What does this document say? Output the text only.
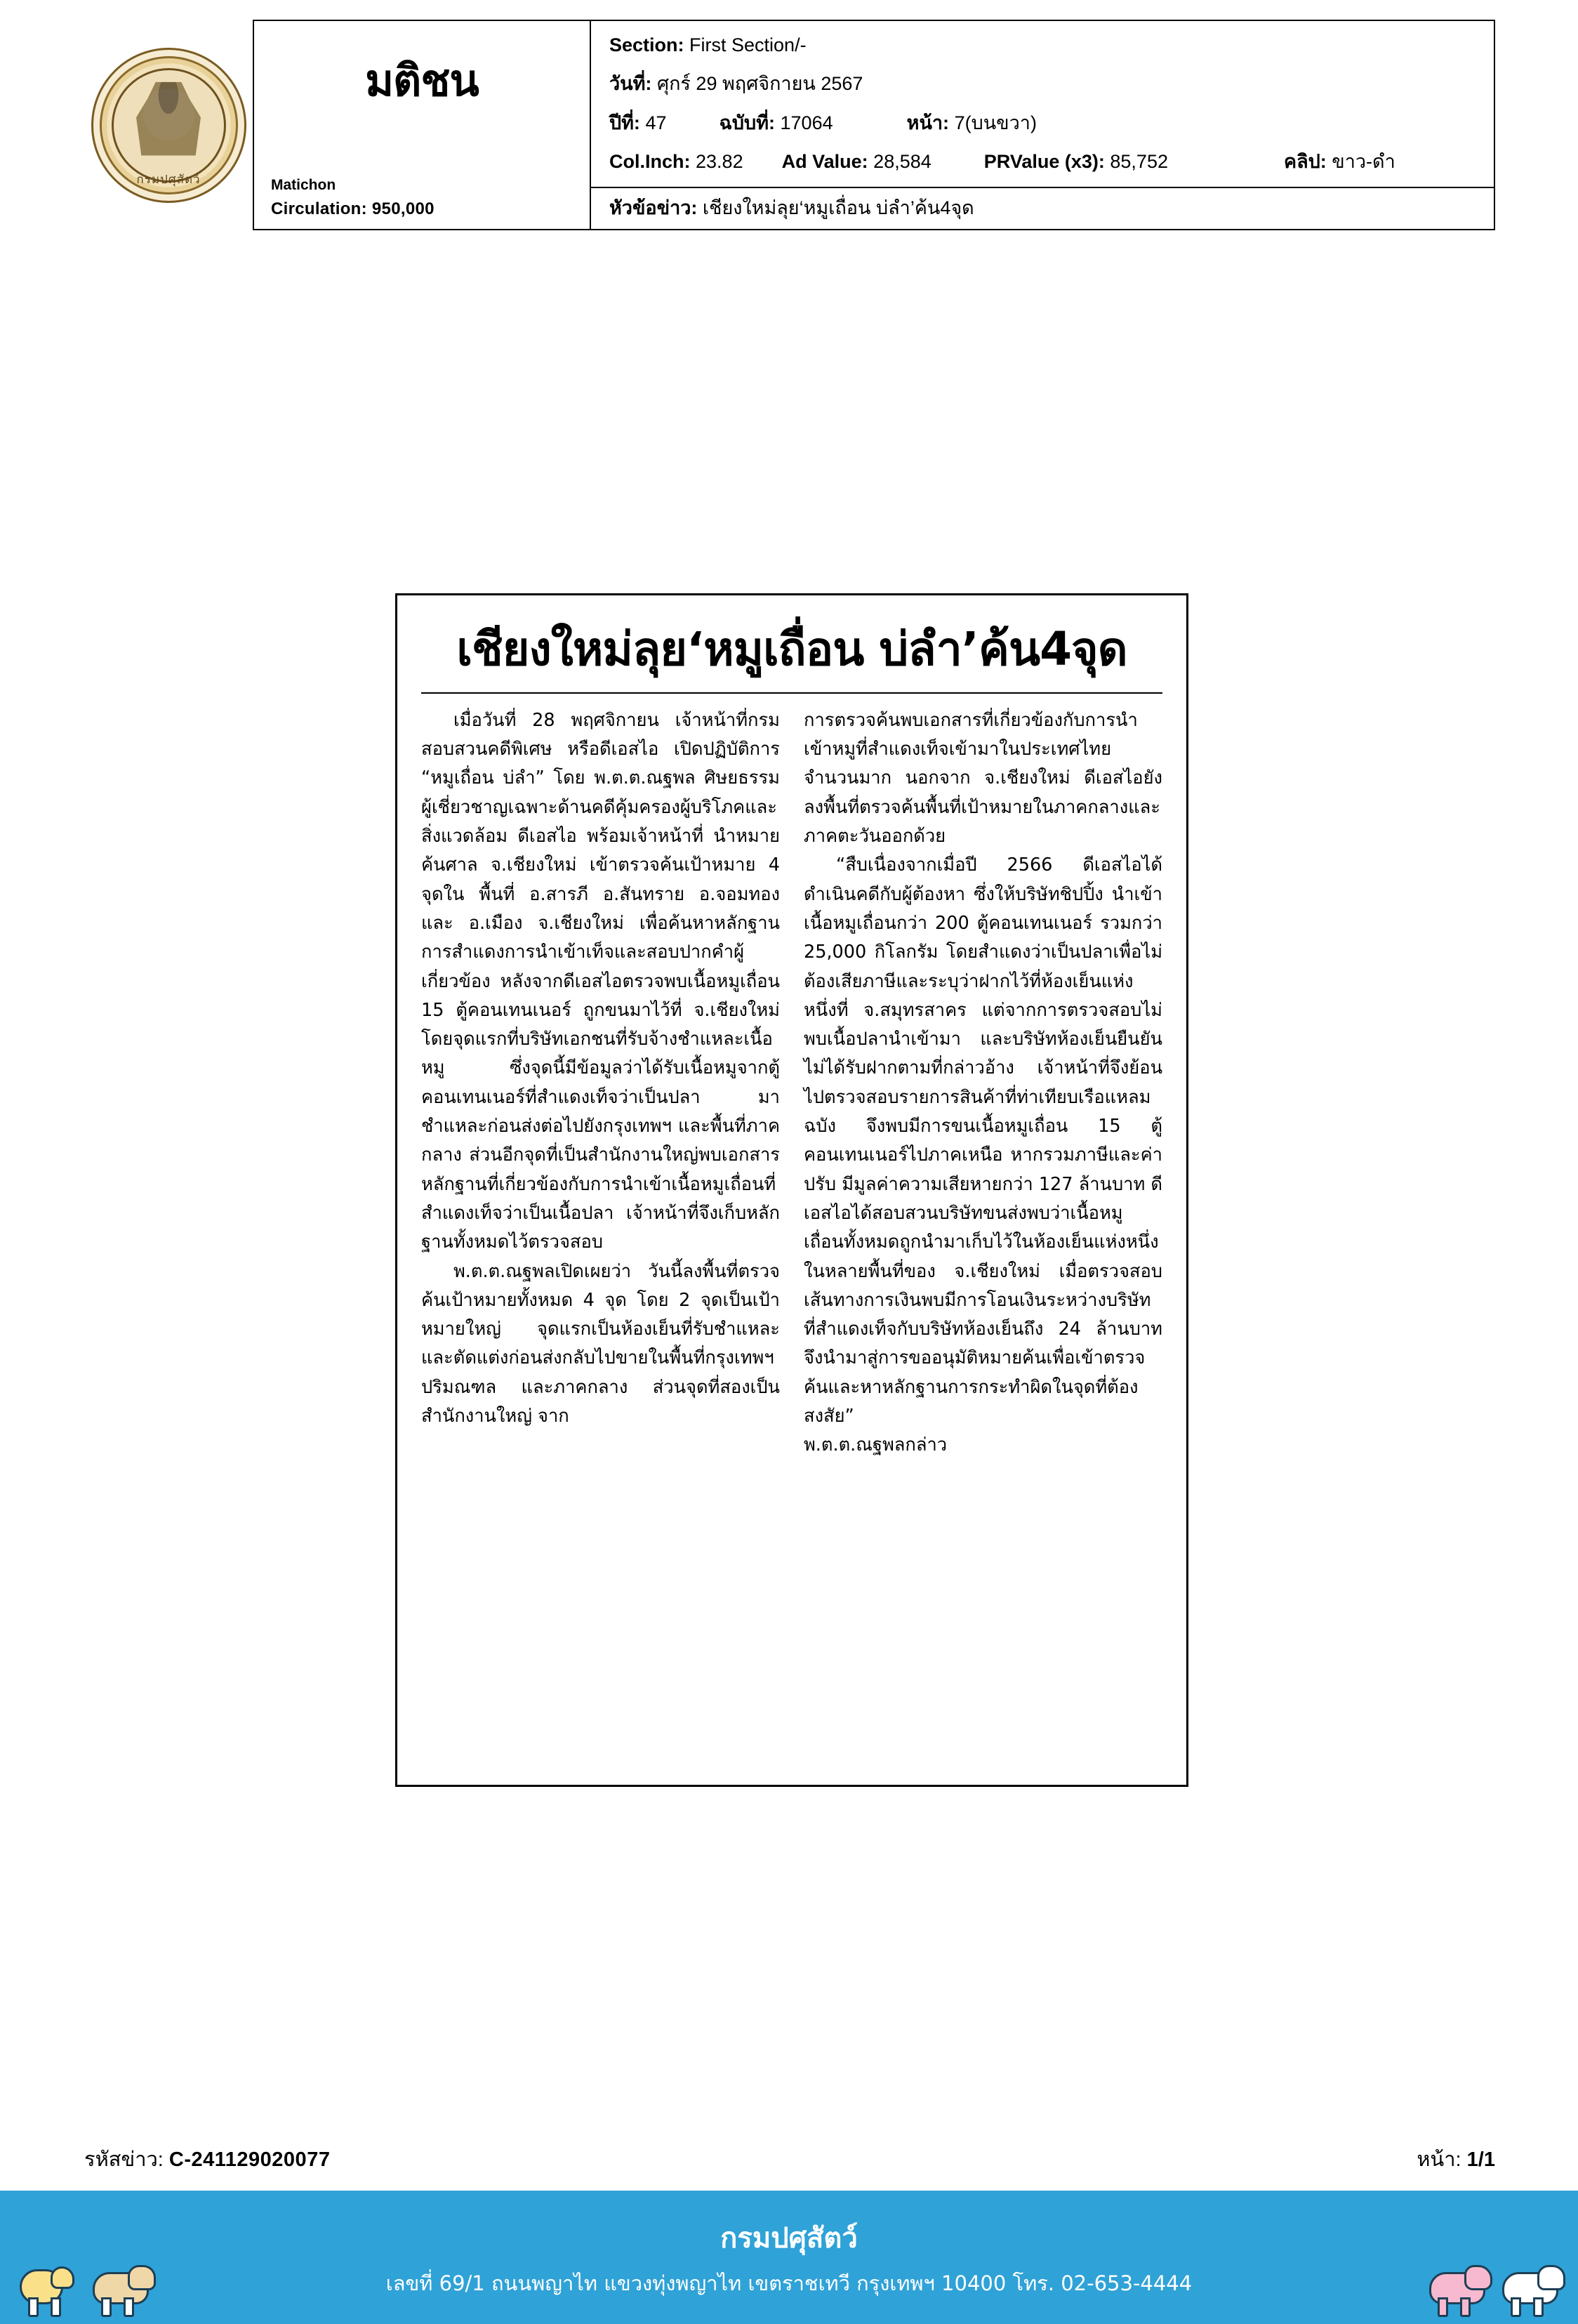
กรมปศุสัตว์
มติชน
Matichon
Circulation: 950,000
Section: First Section/-
วันที่: ศุกร์ 29 พฤศจิกายน 2567
ปีที่: 47	ฉบับที่: 17064	หน้า: 7(บนขวา)
Col.Inch: 23.82 Ad Value: 28,584	PRValue (x3): 85,752	คลิป: ขาว-ดำ
หัวข้อข่าว: เชียงใหม่ลุย‘หมูเถื่อน บ่ลำ’ค้น4จุด
เชียงใหม่ลุย‘หมูเถื่อน บ่ลำ’ค้น4จุด

เมื่อวันที่ 28 พฤศจิกายน เจ้าหน้าที่กรมสอบสวนคดีพิเศษ หรือดีเอสไอ เปิดปฏิบัติการ “หมูเถื่อน บ่ลำ” โดย พ.ต.ต.ณฐพล ศิษยธรรม ผู้เชี่ยวชาญเฉพาะด้านคดีคุ้มครองผู้บริโภคและสิ่งแวดล้อม ดีเอสไอ พร้อมเจ้าหน้าที่ นำหมายค้นศาล จ.เชียงใหม่ เข้าตรวจค้นเป้าหมาย 4 จุดใน พื้นที่ อ.สารภี อ.สันทราย อ.จอมทอง และ อ.เมือง จ.เชียงใหม่ เพื่อค้นหาหลักฐานการสำแดงการนำเข้าเท็จและสอบปากคำผู้เกี่ยวข้อง หลังจากดีเอสไอตรวจพบเนื้อหมูเถื่อน 15 ตู้คอนเทนเนอร์ ถูกขนมาไว้ที่ จ.เชียงใหม่ โดยจุดแรกที่บริษัทเอกชนที่รับจ้างชำแหละเนื้อหมู ซึ่งจุดนี้มีข้อมูลว่าได้รับเนื้อหมูจากตู้คอนเทนเนอร์ที่สำแดงเท็จว่าเป็นปลา มาชำแหละก่อนส่งต่อไปยังกรุงเทพฯ และพื้นที่ภาคกลาง ส่วนอีกจุดที่เป็นสำนักงานใหญ่พบเอกสารหลักฐานที่เกี่ยวข้องกับการนำเข้าเนื้อหมูเถื่อนที่สำแดงเท็จว่าเป็นเนื้อปลา เจ้าหน้าที่จึงเก็บหลักฐานทั้งหมดไว้ตรวจสอบ

พ.ต.ต.ณฐพลเปิดเผยว่า วันนี้ลงพื้นที่ตรวจค้นเป้าหมายทั้งหมด 4 จุด โดย 2 จุดเป็นเป้าหมายใหญ่ จุดแรกเป็นห้องเย็นที่รับชำแหละและตัดแต่งก่อนส่งกลับไปขายในพื้นที่กรุงเทพฯ ปริมณฑล และภาคกลาง ส่วนจุดที่สองเป็นสำนักงานใหญ่ จาก

การตรวจค้นพบเอกสารที่เกี่ยวข้องกับการนำเข้าหมูที่สำแดงเท็จเข้ามาในประเทศไทยจำนวนมาก นอกจาก จ.เชียงใหม่ ดีเอสไอยังลงพื้นที่ตรวจค้นพื้นที่เป้าหมายในภาคกลางและภาคตะวันออกด้วย

“สืบเนื่องจากเมื่อปี 2566 ดีเอสไอได้ดำเนินคดีกับผู้ต้องหา ซึ่งให้บริษัทชิปปิ้ง นำเข้าเนื้อหมูเถื่อนกว่า 200 ตู้คอนเทนเนอร์ รวมกว่า 25,000 กิโลกรัม โดยสำแดงว่าเป็นปลาเพื่อไม่ต้องเสียภาษีและระบุว่าฝากไว้ที่ห้องเย็นแห่งหนึ่งที่ จ.สมุทรสาคร แต่จากการตรวจสอบไม่พบเนื้อปลานำเข้ามา และบริษัทห้องเย็นยืนยันไม่ได้รับฝากตามที่กล่าวอ้าง เจ้าหน้าที่จึงย้อนไปตรวจสอบรายการสินค้าที่ท่าเทียบเรือแหลมฉบัง จึงพบมีการขนเนื้อหมูเถื่อน 15 ตู้คอนเทนเนอร์ไปภาคเหนือ หากรวมภาษีและค่าปรับ มีมูลค่าความเสียหายกว่า 127 ล้านบาท ดีเอสไอได้สอบสวนบริษัทขนส่งพบว่าเนื้อหมูเถื่อนทั้งหมดถูกนำมาเก็บไว้ในห้องเย็นแห่งหนึ่งในหลายพื้นที่ของ จ.เชียงใหม่ เมื่อตรวจสอบเส้นทางการเงินพบมีการโอนเงินระหว่างบริษัทที่สำแดงเท็จกับบริษัทห้องเย็นถึง 24 ล้านบาท จึงนำมาสู่การขออนุมัติหมายค้นเพื่อเข้าตรวจค้นและหาหลักฐานการกระทำผิดในจุดที่ต้องสงสัย”

พ.ต.ต.ณฐพลกล่าว

รหัสข่าว: C-241129020077	หน้า: 1/1
กรมปศุสัตว์
เลขที่ 69/1 ถนนพญาไท แขวงทุ่งพญาไท เขตราชเทวี กรุงเทพฯ 10400 โทร. 02-653-4444
